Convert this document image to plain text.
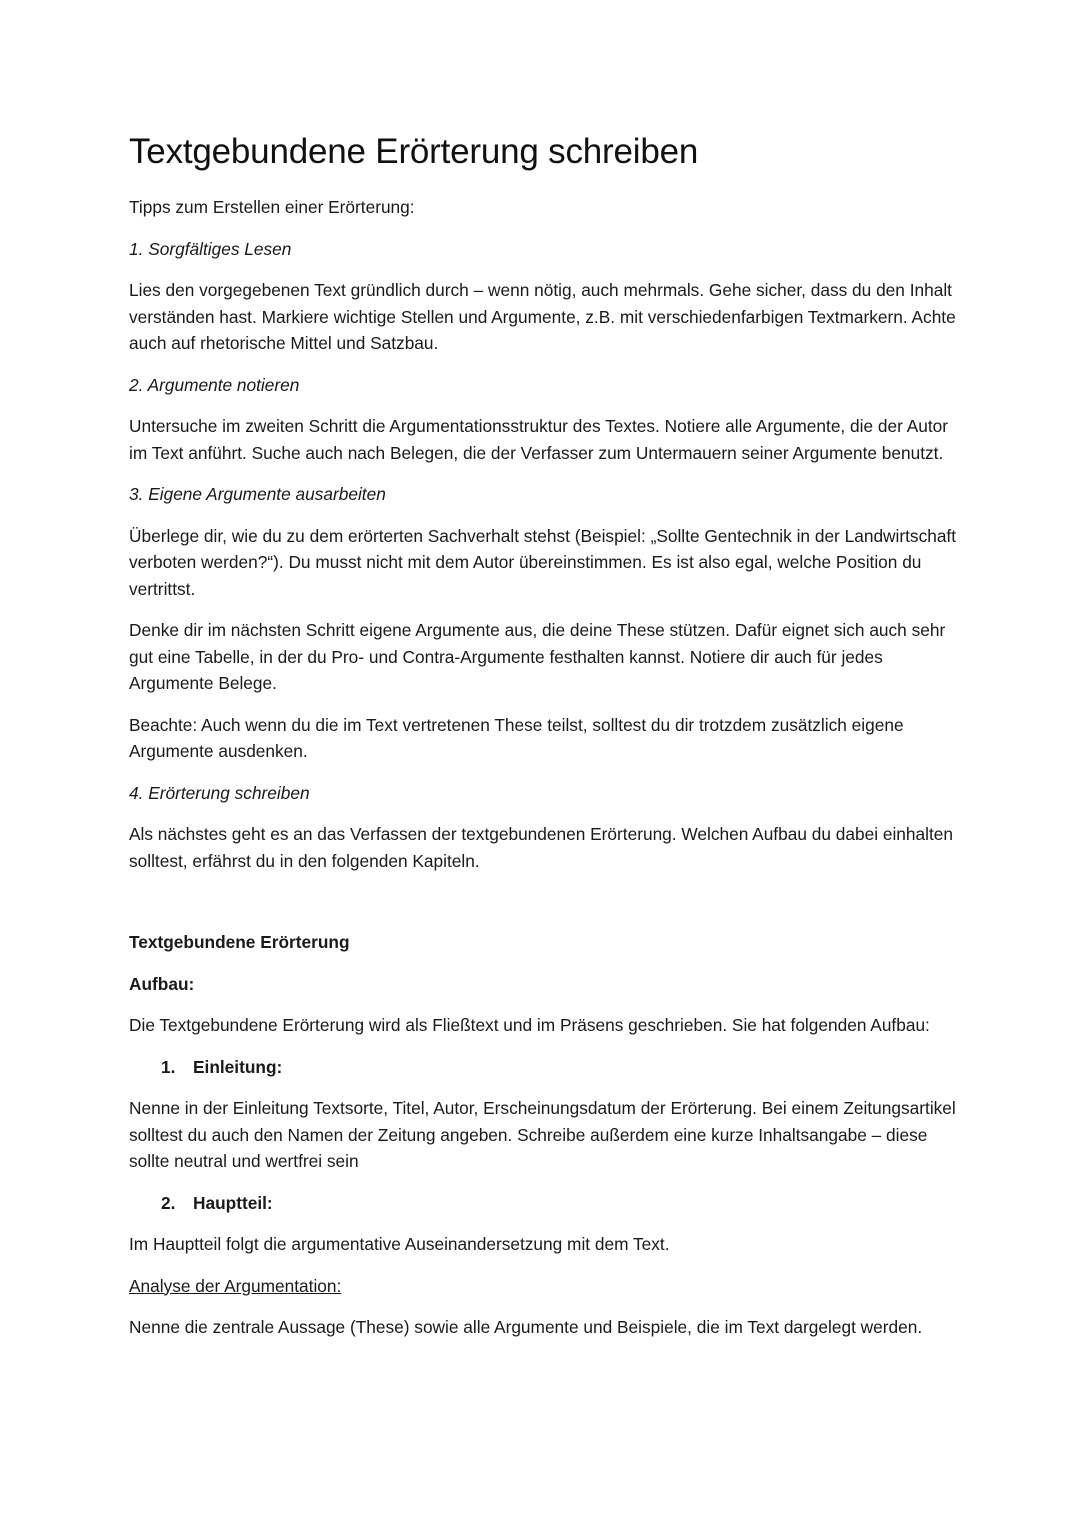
Textgebundene Erörterung schreiben

Tipps zum Erstellen einer Erörterung:

1. Sorgfältiges Lesen

Lies den vorgegebenen Text gründlich durch – wenn nötig, auch mehrmals. Gehe sicher, dass du den Inhalt verständen hast. Markiere wichtige Stellen und Argumente, z.B. mit verschiedenfarbigen Textmarkern. Achte auch auf rhetorische Mittel und Satzbau.

2. Argumente notieren

Untersuche im zweiten Schritt die Argumentationsstruktur des Textes. Notiere alle Argumente, die der Autor im Text anführt. Suche auch nach Belegen, die der Verfasser zum Untermauern seiner Argumente benutzt.

3. Eigene Argumente ausarbeiten

Überlege dir, wie du zu dem erörterten Sachverhalt stehst (Beispiel: „Sollte Gentechnik in der Landwirtschaft verboten werden?“). Du musst nicht mit dem Autor übereinstimmen. Es ist also egal, welche Position du vertrittst.

Denke dir im nächsten Schritt eigene Argumente aus, die deine These stützen. Dafür eignet sich auch sehr gut eine Tabelle, in der du Pro- und Contra-Argumente festhalten kannst. Notiere dir auch für jedes Argumente Belege.

Beachte: Auch wenn du die im Text vertretenen These teilst, solltest du dir trotzdem zusätzlich eigene Argumente ausdenken.

4. Erörterung schreiben

Als nächstes geht es an das Verfassen der textgebundenen Erörterung. Welchen Aufbau du dabei einhalten solltest, erfährst du in den folgenden Kapiteln.

Textgebundene Erörterung

Aufbau:

Die Textgebundene Erörterung wird als Fließtext und im Präsens geschrieben. Sie hat folgenden Aufbau:

1. Einleitung:

Nenne in der Einleitung Textsorte, Titel, Autor, Erscheinungsdatum der Erörterung. Bei einem Zeitungsartikel solltest du auch den Namen der Zeitung angeben. Schreibe außerdem eine kurze Inhaltsangabe – diese sollte neutral und wertfrei sein

2. Hauptteil:

Im Hauptteil folgt die argumentative Auseinandersetzung mit dem Text.

Analyse der Argumentation:

Nenne die zentrale Aussage (These) sowie alle Argumente und Beispiele, die im Text dargelegt werden.
